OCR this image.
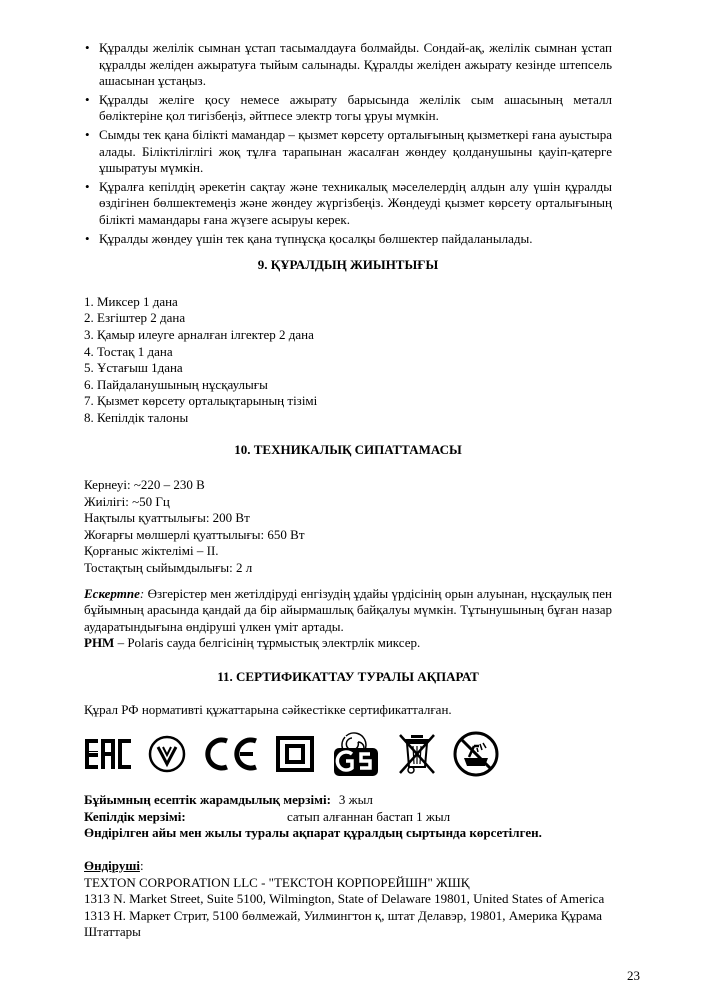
• Құралды желілік сымнан ұстап тасымалдауға болмайды. Сондай-ақ, желілік сымнан ұстап құралды желіден ажыратуға тыйым салынады. Құралды желіден ажырату кезінде штепсель ашасынан ұстаңыз.
• Құралды желіге қосу немесе ажырату барысында желілік сым ашасының металл бөліктеріне қол тигізбеңіз, әйтпесе электр тогы ұруы мүмкін.
• Сымды тек қана білікті мамандар – қызмет көрсету орталығының қызметкері ғана ауыстыра алады. Біліктіліглігі жоқ тұлға тарапынан жасалған жөндеу қолданушыны қауіп-қатерге ұшыратуы мүмкін.
• Құралға кепілдің әрекетін сақтау және техникалық мәселелердің алдын алу үшін құралды өздігінен бөлшектемеңіз және жөндеу жүргізбеңіз. Жөндеуді қызмет көрсету орталығының білікті мамандары ғана жүзеге асыруы керек.
• Құралды жөндеу үшін тек қана түпнұсқа қосалқы бөлшектер пайдаланылады.
9. ҚҰРАЛДЫҢ ЖИЫНТЫҒЫ
1. Миксер 1 дана
2. Езгіштер 2 дана
3. Қамыр илеуге арналған ілгектер 2 дана
4. Тостақ 1 дана
5. Ұстағыш 1дана
6. Пайдаланушының нұсқаулығы
7. Қызмет көрсету орталықтарының тізімі
8. Кепілдік талоны
10. ТЕХНИКАЛЫҚ СИПАТТАМАСЫ
Кернеуі: ~220 – 230 В
Жиілігі: ~50 Гц
Нақтылы қуаттылығы: 200 Вт
Жоғарғы мөлшерлі қуаттылығы: 650 Вт
Қорғаныс жіктелімі – II.
Тостақтың сыйымдылығы: 2 л

Ескертпе: Өзгерістер мен жетілдіруді енгізудің ұдайы үрдісінің орын алуынан, нұсқаулық пен бұйымның арасында қандай да бір айырмашлық байқалуы мүмкін. Тұтынушының бұған назар аударатындығына өндіруші үлкен үміт артады.

PHM – Polaris сауда белгісінің тұрмыстық электрлік миксер.

11. СЕРТИФИКАТТАУ ТУРАЛЫ АҚПАРАТ
Құрал РФ нормативті құжаттарына сәйкестікке сертификатталған.
Бұйымның есептік жарамдылық мерзімі: 3 жыл
Кепілдік мерзімі:	сатып алғаннан бастап 1 жыл
Өндірілген айы мен жылы туралы ақпарат құралдың сыртында көрсетілген.

Өндіруші:

TEXTON CORPORATION LLC - "ТЕКСТОН КОРПОРЕЙШН" ЖШҚ

1313 N. Market Street, Suite 5100, Wilmington, State of Delaware 19801, United States of America

1313 Н. Маркет Стрит, 5100 бөлмежай, Уилмингтон қ, штат Делавэр, 19801, Америка Құрама Штаттары

23
